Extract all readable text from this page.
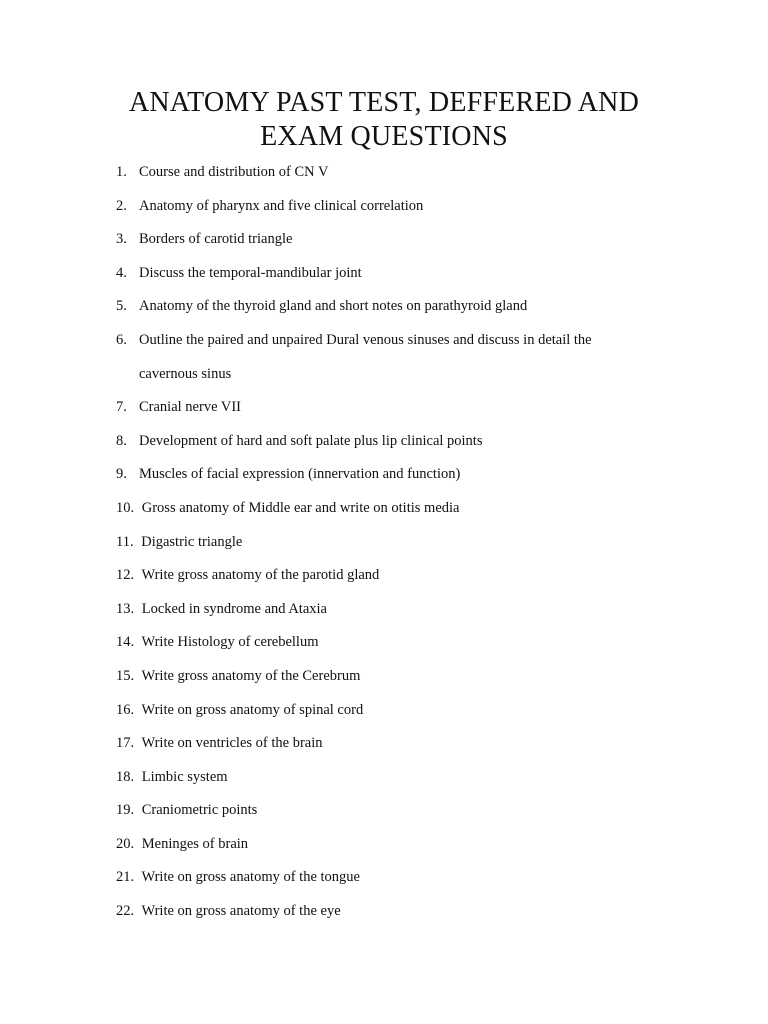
ANATOMY PAST TEST, DEFFERED AND
EXAM QUESTIONS
1. Course and distribution of CN V
2. Anatomy of pharynx and five clinical correlation
3. Borders of carotid triangle
4. Discuss the temporal-mandibular joint
5. Anatomy of the thyroid gland and short notes on parathyroid gland
6. Outline the paired and unpaired Dural venous sinuses and discuss in detail the
cavernous sinus
7. Cranial nerve VII
8. Development of hard and soft palate plus lip clinical points
9. Muscles of facial expression (innervation and function)
10. Gross anatomy of Middle ear and write on otitis media
11. Digastric triangle
12. Write gross anatomy of the parotid gland
13. Locked in syndrome and Ataxia
14. Write Histology of cerebellum
15. Write gross anatomy of the Cerebrum
16. Write on gross anatomy of spinal cord
17. Write on ventricles of the brain
18. Limbic system
19. Craniometric points
20. Meninges of brain
21. Write on gross anatomy of the tongue
22. Write on gross anatomy of the eye
